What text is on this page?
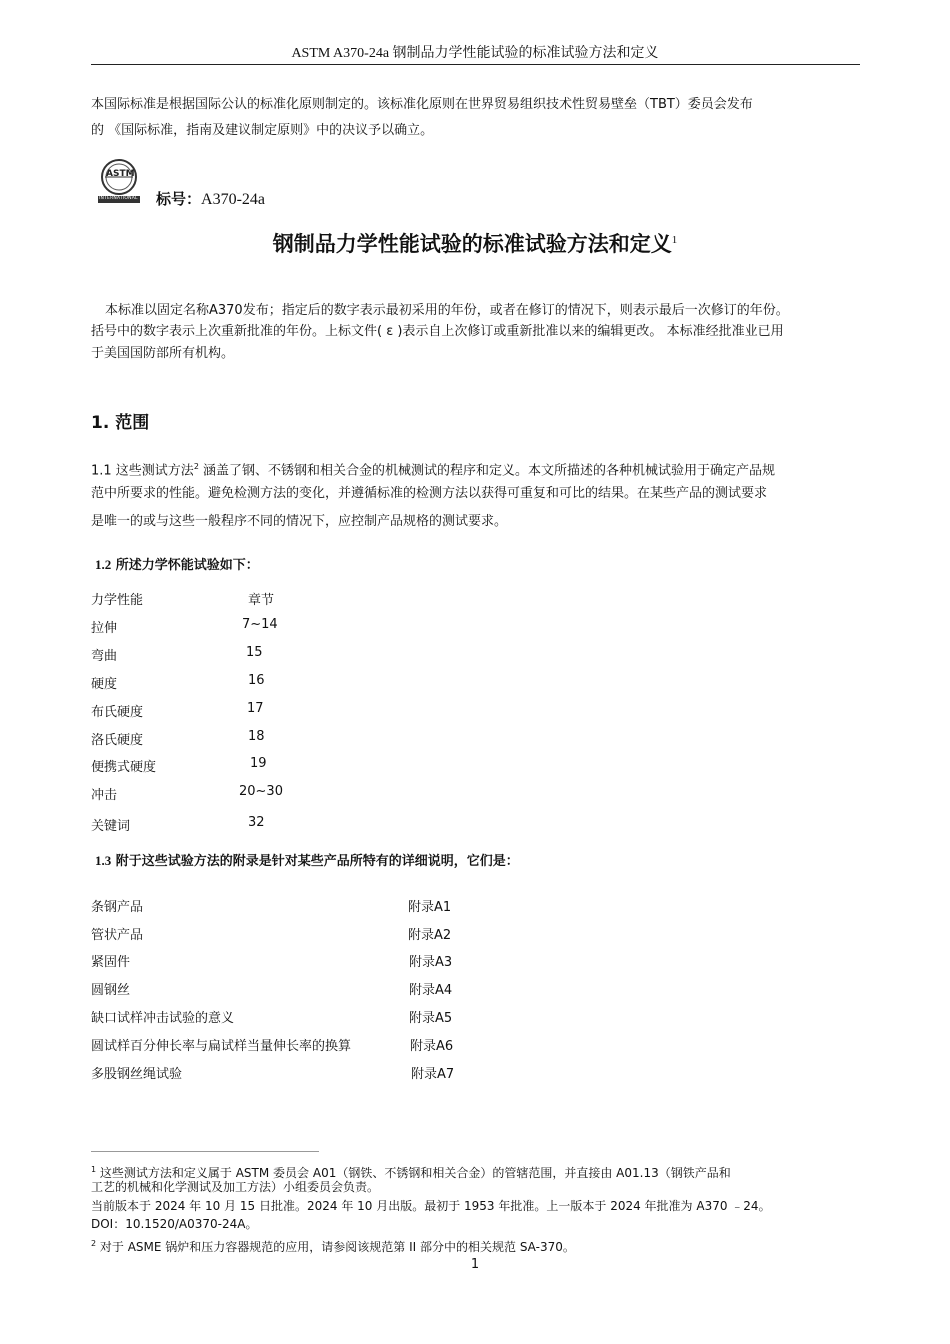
ASTM A370-24a 钢制品力学性能试验的标准试验方法和定义
本国际标准是根据国际公认的标准化原则制定的。该标准化原则在世界贸易组织技术性贸易壁垒（TBT）委员会发布
的 《国际标准，指南及建议制定原则》中的决议予以确立。
ASTM
INTERNATIONAL 标号：A370-24a
钢制品力学性能试验的标准试验方法和定义$^1$
本标准以固定名称A370发布；指定后的数字表示最初采用的年份，或者在修订的情况下，则表示最后一次修订的年份。
括号中的数字表示上次重新批准的年份。上标文件( ε )表示自上次修订或重新批准以来的编辑更改。 本标准经批准业已用
于美国国防部所有机构。
1. 范围
1.1 这些测试方法$^2$ 涵盖了钢、不锈钢和相关合金的机械测试的程序和定义。本文所描述的各种机械试验用于确定产品规
范中所要求的性能。避免检测方法的变化，并遵循标准的检测方法以获得可重复和可比的结果。在某些产品的测试要求
是唯一的或与这些一般程序不同的情况下，应控制产品规格的测试要求。
1.2 所述力学怀能试验如下：
力学性能	章节
拉伸	7~14
弯曲	15
硬度	16
布氏硬度	17
洛氏硬度	18
便携式硬度	19
冲击	20~30
关键词	32
1.3 附于这些试验方法的附录是针对某些产品所特有的详细说明，它们是：
条钢产品	附录A1
管状产品	附录A2
紧固件	附录A3
圆钢丝	附录A4
缺口试样冲击试验的意义	附录A5
圆试样百分伸长率与扁试样当量伸长率的换算	附录A6
多股钢丝绳试验	附录A7
$^1$ 这些测试方法和定义属于 ASTM 委员会 A01（钢铁、不锈钢和相关合金）的管辖范围，并直接由 A01.13（钢铁产品和
工艺的机械和化学测试及加工方法）小组委员会负责。
当前版本于 2024 年 10 月 15 日批准。2024 年 10 月出版。最初于 1953 年批准。上一版本于 2024 年批准为 A370 ﹣24。
DOI：10.1520/A0370-24A。
$^2$ 对于 ASME 锅炉和压力容器规范的应用，请参阅该规范第 II 部分中的相关规范 SA-370。
1
